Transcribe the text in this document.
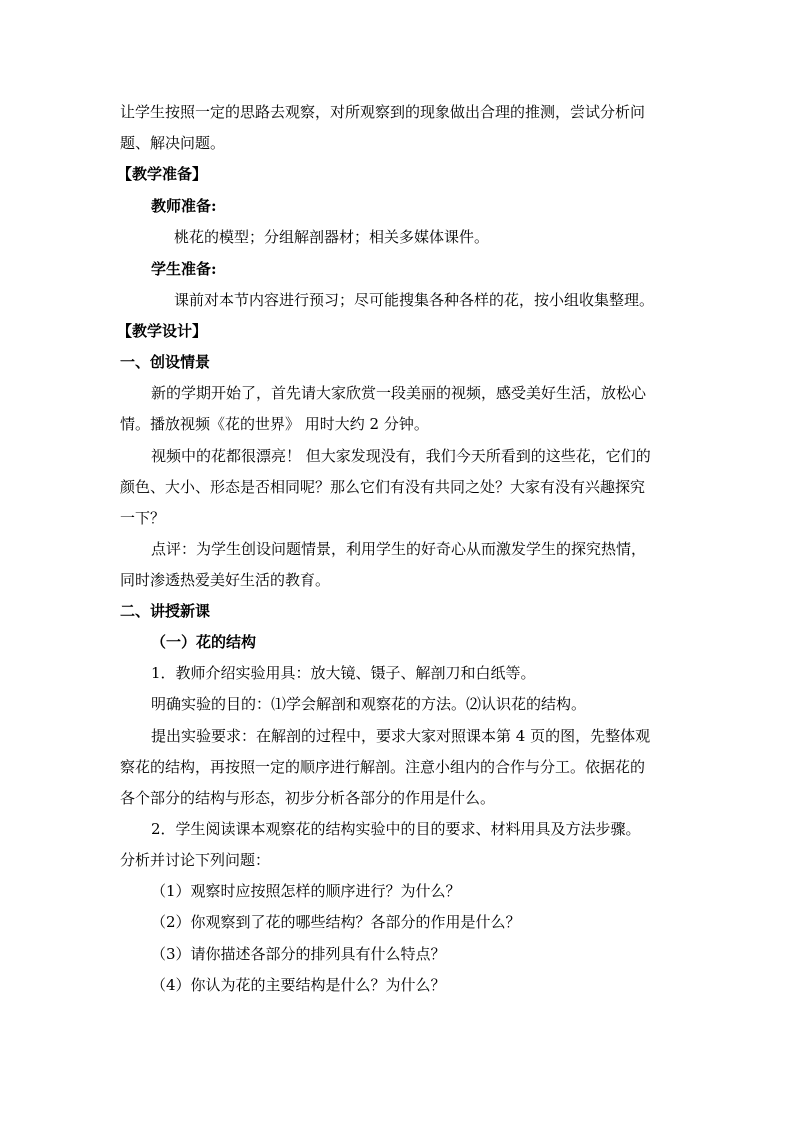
让学生按照一定的思路去观察，对所观察到的现象做出合理的推测，尝试分析问
题、解决问题。
【教学准备】
教师准备:
桃花的模型；分组解剖器材；相关多媒体课件。
学生准备:
课前对本节内容进行预习；尽可能搜集各种各样的花，按小组收集整理。
【教学设计】
一、创设情景
新的学期开始了，首先请大家欣赏一段美丽的视频，感受美好生活，放松心
情。播放视频《花的世界》 用时大约 2 分钟。
视频中的花都很漂亮！ 但大家发现没有，我们今天所看到的这些花，它们的
颜色、大小、形态是否相同呢？那么它们有没有共同之处？大家有没有兴趣探究
一下？
点评：为学生创设问题情景，利用学生的好奇心从而激发学生的探究热情，
同时渗透热爱美好生活的教育。
二、讲授新课
（一）花的结构
1．教师介绍实验用具：放大镜、镊子、解剖刀和白纸等。
明确实验的目的：⑴学会解剖和观察花的方法。⑵认识花的结构。
提出实验要求：在解剖的过程中，要求大家对照课本第 4 页的图，先整体观
察花的结构，再按照一定的顺序进行解剖。注意小组内的合作与分工。依据花的
各个部分的结构与形态，初步分析各部分的作用是什么。
2．学生阅读课本观察花的结构实验中的目的要求、材料用具及方法步骤。
分析并讨论下列问题：
（1）观察时应按照怎样的顺序进行？为什么？
（2）你观察到了花的哪些结构？各部分的作用是什么？
（3）请你描述各部分的排列具有什么特点？
（4）你认为花的主要结构是什么？为什么？
